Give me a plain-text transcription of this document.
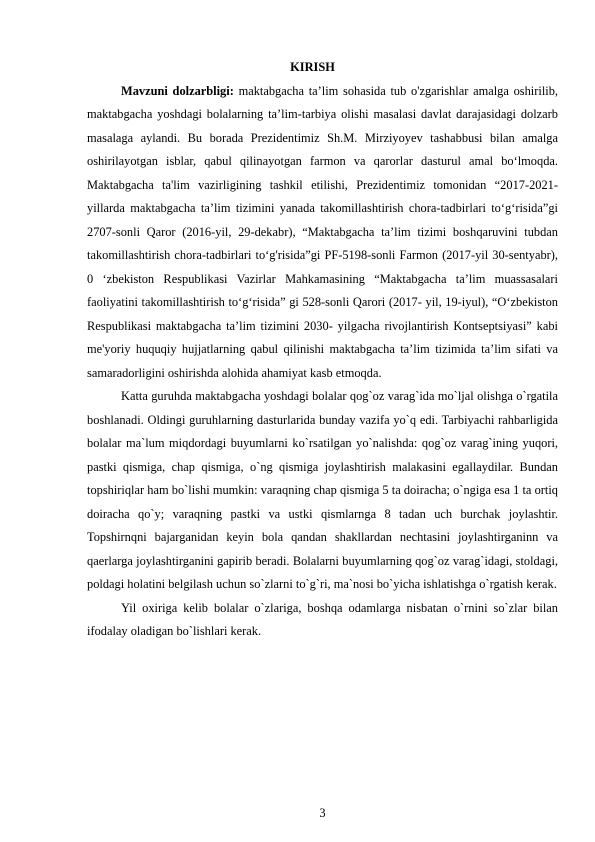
KIRISH

Mavzuni dolzarbligi: maktabgacha ta’lim sohasida tub o'zgarishlar amalga oshirilib, maktabgacha yoshdagi bolalarning ta’lim-tarbiya olishi masalasi davlat darajasidagi dolzarb masalaga aylandi. Bu borada Prezidentimiz Sh.M. Mirziyoyev tashabbusi bilan amalga oshirilayotgan isblar, qabul qilinayotgan farmon va qarorlar dasturul amal bo‘lmoqda. Maktabgacha ta'lim vazirligining tashkil etilishi, Prezidentimiz tomonidan “2017-2021-yillarda maktabgacha ta’lim tizimini yanada takomillashtirish chora-tadbirlari to‘g‘risida”gi 2707-sonli Qaror (2016-yil, 29-dekabr), “Maktabgacha ta’lim tizimi boshqaruvini tubdan takomillashtirish chora-tadbirlari to‘g'risida”gi PF-5198-sonli Farmon (2017-yil 30-sentyabr), 0 ‘zbekiston Respublikasi Vazirlar Mahkamasining “Maktabgacha ta’lim muassasalari faoliyatini takomillashtirish to‘g‘risida” gi 528-sonli Qarori (2017- yil, 19-iyul), “O‘zbekiston Respublikasi maktabgacha ta’lim tizimini 2030- yilgacha rivojlantirish Kontseptsiyasi” kabi me'yoriy huquqiy hujjatlarning qabul qilinishi maktabgacha ta’lim tizimida ta’lim sifati va samaradorligini oshirishda alohida ahamiyat kasb etmoqda.

Katta guruhda maktabgacha yoshdagi bolalar qog`oz varag`ida mo`ljal olishga o`rgatila boshlanadi. Oldingi guruhlarning dasturlarida bunday vazifa yo`q edi. Tarbiyachi rahbarligida bolalar ma`lum miqdordagi buyumlarni ko`rsatilgan yo`nalishda: qog`oz varag`ining yuqori, pastki qismiga, chap qismiga, o`ng qismiga joylashtirish malakasini egallaydilar. Bundan topshiriqlar ham bo`lishi mumkin: varaqning chap qismiga 5 ta doiracha; o`ngiga esa 1 ta ortiq doiracha qo`y; varaqning pastki va ustki qismlarnga 8 tadan uch burchak joylashtir. Topshirnqni bajarganidan keyin bola qandan shakllardan nechtasini joylashtirganinn va qaerlarga joylashtirganini gapirib beradi. Bolalarni buyumlarning qog`oz varag`idagi, stoldagi, poldagi holatini belgilash uchun so`zlarni to`g`ri, ma`nosi bo`yicha ishlatishga o`rgatish kerak.

Yil oxiriga kelib bolalar o`zlariga, boshqa odamlarga nisbatan o`rnini so`zlar bilan ifodalay oladigan bo`lishlari kerak.

3
